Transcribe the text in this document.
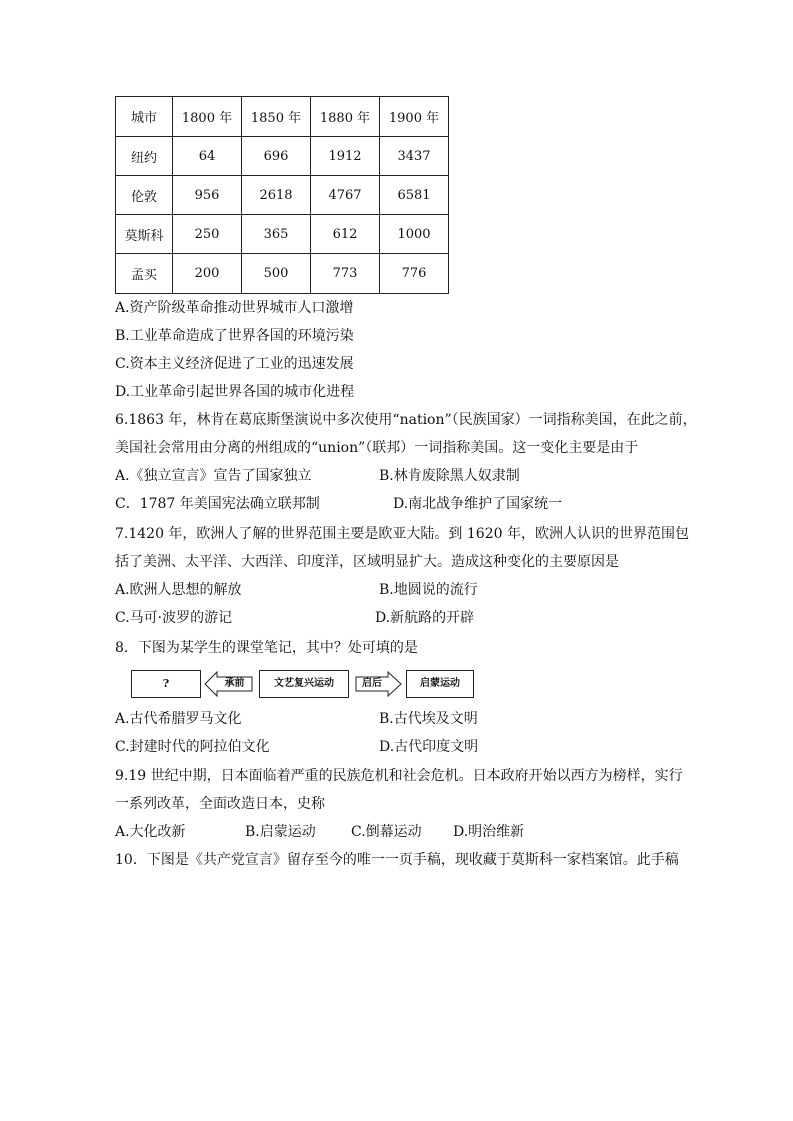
城市	1800 年	1850 年	1880 年	1900 年
纽约	64	696	1912	3437
伦敦	956	2618	4767	6581
莫斯科	250	365	612	1000
孟买	200	500	773	776
A.资产阶级革命推动世界城市人口激增
B.工业革命造成了世界各国的环境污染
C.资本主义经济促进了工业的迅速发展
D.工业革命引起世界各国的城市化进程
6.1863 年，林肯在葛底斯堡演说中多次使用“nation”（民族国家）一词指称美国，在此之前，
美国社会常用由分离的州组成的“union”（联邦）一词指称美国。这一变化主要是由于
A.《独立宣言》宣告了国家独立	B.林肯废除黑人奴隶制
C．1787 年美国宪法确立联邦制	D.南北战争维护了国家统一
7.1420 年，欧洲人了解的世界范围主要是欧亚大陆。到 1620 年，欧洲人认识的世界范围包
括了美洲、太平洋、大西洋、印度洋，区域明显扩大。造成这种变化的主要原因是
A.欧洲人思想的解放	B.地圆说的流行
C.马可·波罗的游记	D.新航路的开辟
8．下图为某学生的课堂笔记，其中？处可填的是
?	承前	文艺复兴运动	启后	启蒙运动
A.古代希腊罗马文化	B.古代埃及文明
C.封建时代的阿拉伯文化	D.古代印度文明
9.19 世纪中期，日本面临着严重的民族危机和社会危机。日本政府开始以西方为榜样，实行
一系列改革，全面改造日本，史称
A.大化改新	B.启蒙运动	C.倒幕运动 D.明治维新
10．下图是《共产党宣言》留存至今的唯一一页手稿，现收藏于莫斯科一家档案馆。此手稿
